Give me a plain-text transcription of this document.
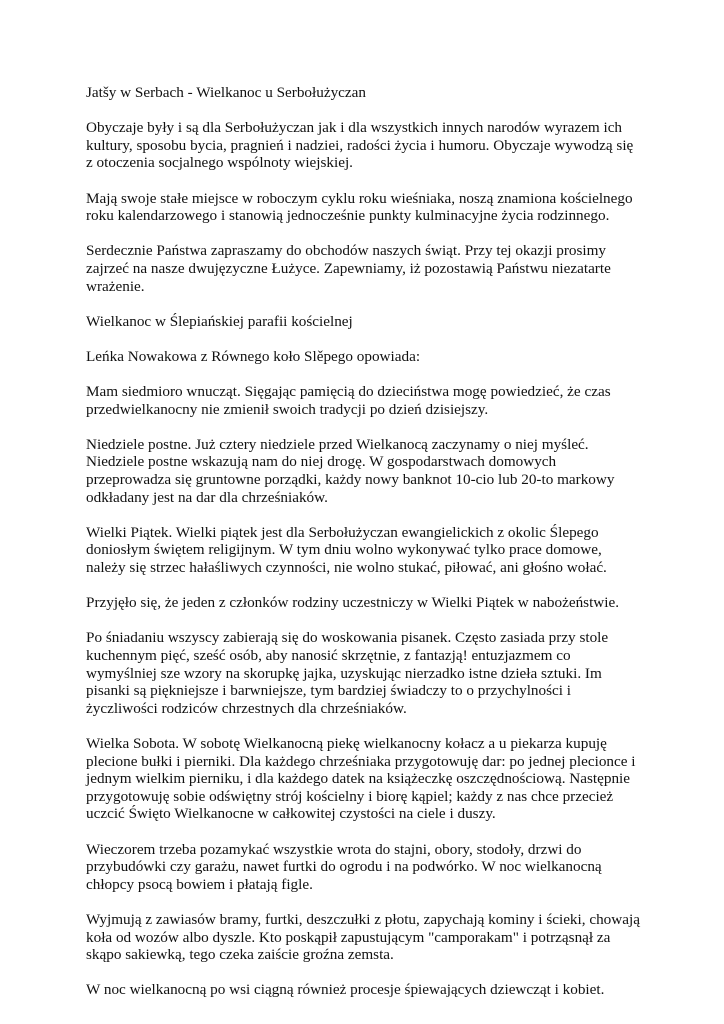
Jatšy w Serbach - Wielkanoc u Serbołużyczan

Obyczaje były i są dla Serbołużyczan jak i dla wszystkich innych narodów wyrazem ich kultury, sposobu bycia, pragnień i nadziei, radości życia i humoru. Obyczaje wywodzą się z otoczenia socjalnego wspólnoty wiejskiej.

Mają swoje stałe miejsce w roboczym cyklu roku wieśniaka, noszą znamiona kościelnego roku kalendarzowego i stanowią jednocześnie punkty kulminacyjne życia rodzinnego.

Serdecznie Państwa zapraszamy do obchodów naszych świąt. Przy tej okazji prosimy zajrzeć na nasze dwujęzyczne Łużyce. Zapewniamy, iż pozostawią Państwu niezatarte wrażenie.

Wielkanoc w Ślepiańskiej parafii kościelnej

Leńka Nowakowa z Równego koło Slěpego opowiada:

Mam siedmioro wnucząt. Sięgając pamięcią do dzieciństwa mogę powiedzieć, że czas przedwielkanocny nie zmienił swoich tradycji po dzień dzisiejszy.

Niedziele postne. Już cztery niedziele przed Wielkanocą zaczynamy o niej myśleć. Niedziele postne wskazują nam do niej drogę. W gospodarstwach domowych przeprowadza się gruntowne porządki, każdy nowy banknot 10-cio lub 20-to markowy odkładany jest na dar dla chrześniaków.

Wielki Piątek. Wielki piątek jest dla Serbołużyczan ewangielickich z okolic Ślepego doniosłym świętem religijnym. W tym dniu wolno wykonywać tylko prace domowe, należy się strzec hałaśliwych czynności, nie wolno stukać, piłować, ani głośno wołać.

Przyjęło się, że jeden z członków rodziny uczestniczy w Wielki Piątek w nabożeństwie.

Po śniadaniu wszyscy zabierają się do woskowania pisanek. Często zasiada przy stole kuchennym pięć, sześć osób, aby nanosić skrzętnie, z fantazją! entuzjazmem co wymyślniej sze wzory na skorupkę jajka, uzyskując nierzadko istne dzieła sztuki. Im pisanki są piękniejsze i barwniejsze, tym bardziej świadczy to o przychylności i życzliwości rodziców chrzestnych dla chrześniaków.

Wielka Sobota. W sobotę Wielkanocną piekę wielkanocny kołacz a u piekarza kupuję plecione bułki i pierniki. Dla każdego chrześniaka przygotowuję dar: po jednej plecionce i jednym wielkim pierniku, i dla każdego datek na książeczkę oszczędnościową. Następnie przygotowuję sobie odświętny strój kościelny i biorę kąpiel; każdy z nas chce przecież uczcić Święto Wielkanocne w całkowitej czystości na ciele i duszy.

Wieczorem trzeba pozamykać wszystkie wrota do stajni, obory, stodoły, drzwi do przybudówki czy garażu, nawet furtki do ogrodu i na podwórko. W noc wielkanocną chłopcy psocą bowiem i płatają figle.

Wyjmują z zawiasów bramy, furtki, deszczułki z płotu, zapychają kominy i ścieki, chowają koła od wozów albo dyszle. Kto poskąpił zapustującym "camporakam" i potrząsnął za skąpo sakiewką, tego czeka zaiście groźna zemsta.

W noc wielkanocną po wsi ciągną również procesje śpiewających dziewcząt i kobiet.
